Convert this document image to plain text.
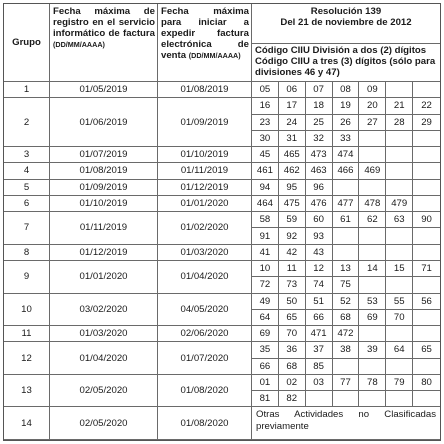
Grupo
Fecha máxima de registro en el servicio informático de factura (DD/MM/AAAA)
Fecha máxima para iniciar a expedir factura electrónica de venta (DD/MM/AAAA)
Resolución 139
Del 21 de noviembre de 2012
Código CIIU División a dos (2) dígitos
Código CIIU a tres (3) dígitos (sólo para divisiones 46 y 47)
1	01/05/2019	01/08/2019	05	06	07	08	09
2	01/06/2019	01/09/2019
16	17	18	19	20	21	22
23	24	25	26	27	28	29
30	31	32	33
3	01/07/2019	01/10/2019	45	465	473	474
4	01/08/2019	01/11/2019	461	462	463	466	469
5	01/09/2019	01/12/2019	94	95	96
6	01/10/2019	01/01/2020	464	475	476	477	478	479
7	01/11/2019	01/02/2020
58	59	60	61	62	63	90
91	92	93
8	01/12/2019	01/03/2020	41	42	43
9	01/01/2020	01/04/2020
10	11	12	13	14	15	71
72	73	74	75
10	03/02/2020	04/05/2020
49	50	51	52	53	55	56
64	65	66	68	69	70
11	01/03/2020	02/06/2020	69	70	471	472
12	01/04/2020	01/07/2020
35	36	37	38	39	64	65
66	68	85
13	02/05/2020	01/08/2020
01	02	03	77	78	79	80
81	82
14	02/05/2020	01/08/2020
Otras Actividades no Clasificadas previamente
